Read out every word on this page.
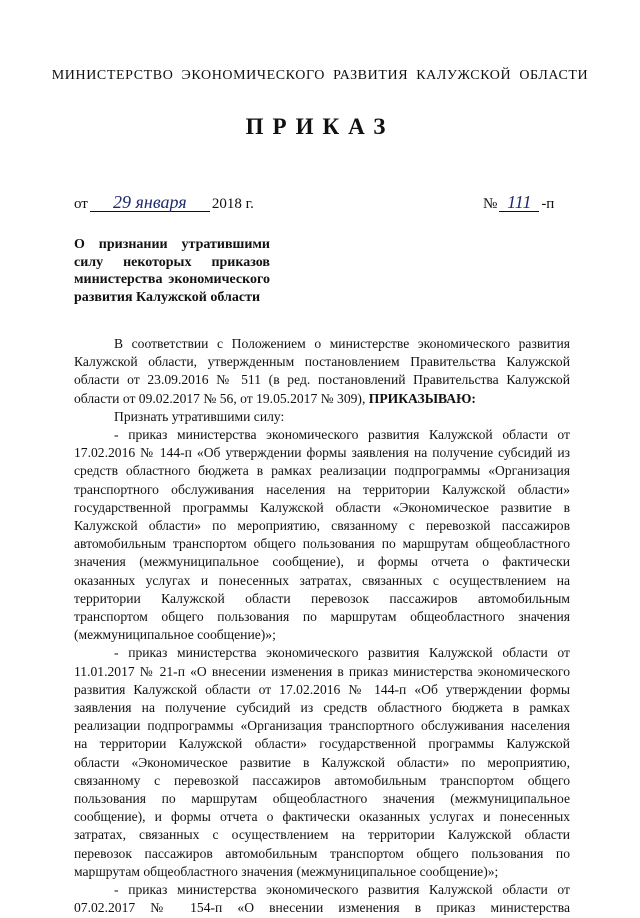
МИНИСТЕРСТВО ЭКОНОМИЧЕСКОГО РАЗВИТИЯ КАЛУЖСКОЙ ОБЛАСТИ
ПРИКАЗ
от 29 января 2018 г.	№ 111 -п
О признании утратившими
силу некоторых приказов
министерства экономического
развития Калужской области
В соответствии с Положением о министерстве экономического развития
Калужской области, утвержденным постановлением Правительства Калужской
области от 23.09.2016 № 511 (в ред. постановлений Правительства Калужской
области от 09.02.2017 № 56, от 19.05.2017 № 309), ПРИКАЗЫВАЮ:
Признать утратившими силу:
- приказ министерства экономического развития Калужской области от
17.02.2016 № 144-п «Об утверждении формы заявления на получение субсидий из
средств областного бюджета в рамках реализации подпрограммы «Организация
транспортного обслуживания населения на территории Калужской области»
государственной программы Калужской области «Экономическое развитие в
Калужской области» по мероприятию, связанному с перевозкой пассажиров
автомобильным транспортом общего пользования по маршрутам общеобластного
значения (межмуниципальное сообщение), и формы отчета о фактически
оказанных услугах и понесенных затратах, связанных с осуществлением на
территории Калужской области перевозок пассажиров автомобильным
транспортом общего пользования по маршрутам общеобластного значения
(межмуниципальное сообщение)»;
- приказ министерства экономического развития Калужской области от
11.01.2017 № 21-п «О внесении изменения в приказ министерства экономического
развития Калужской области от 17.02.2016 № 144-п «Об утверждении формы
заявления на получение субсидий из средств областного бюджета в рамках
реализации подпрограммы «Организация транспортного обслуживания населения
на территории Калужской области» государственной программы Калужской
области «Экономическое развитие в Калужской области» по мероприятию,
связанному с перевозкой пассажиров автомобильным транспортом общего
пользования по маршрутам общеобластного значения (межмуниципальное
сообщение), и формы отчета о фактически оказанных услугах и понесенных
затратах, связанных с осуществлением на территории Калужской области
перевозок пассажиров автомобильным транспортом общего пользования по
маршрутам общеобластного значения (межмуниципальное сообщение)»;
- приказ министерства экономического развития Калужской области от
07.02.2017 № 154-п «О внесении изменения в приказ министерства
